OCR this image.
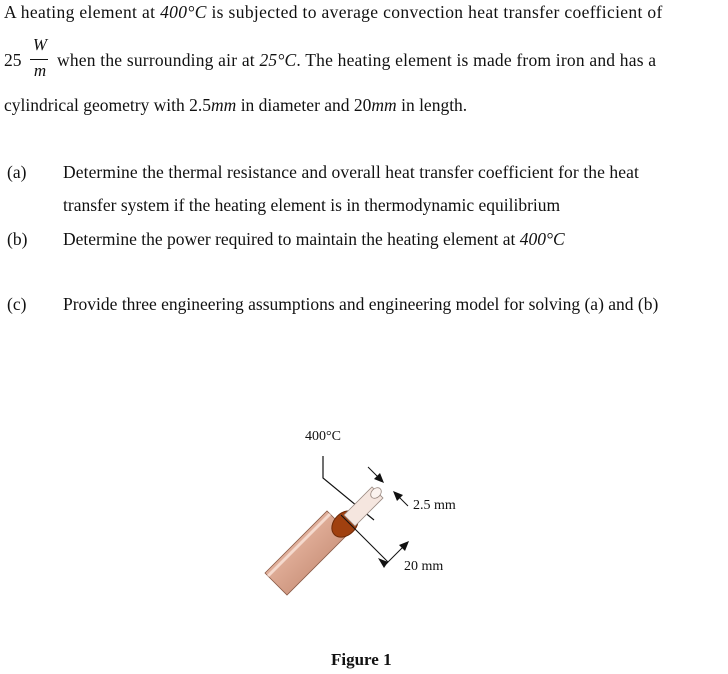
A heating element at 400°C is subjected to average convection heat transfer coefficient of
25
W
m
when the surrounding air at 25°C. The heating element is made from iron and has a
cylindrical geometry with 2.5mm in diameter and 20mm in length.
(a) Determine the thermal resistance and overall heat transfer coefficient for the heat
transfer system if the heating element is in thermodynamic equilibrium
(b) Determine the power required to maintain the heating element at 400°C
(c) Provide three engineering assumptions and engineering model for solving (a) and (b)
400°C
2.5 mm
20 mm
Figure 1
